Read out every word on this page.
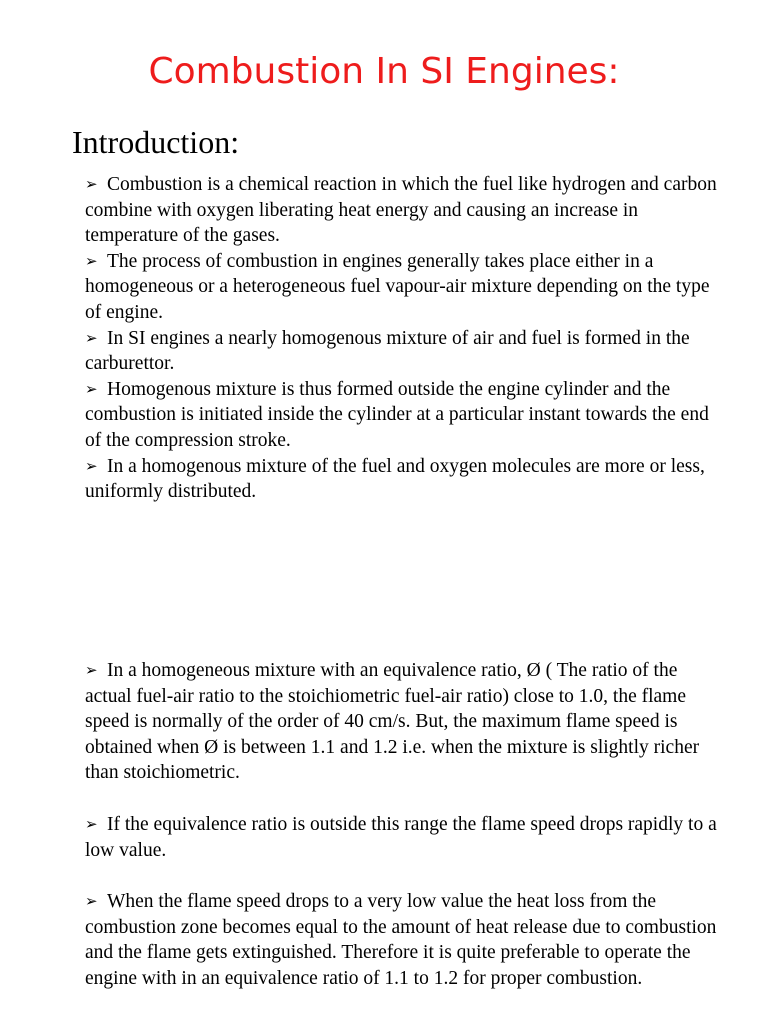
Combustion In SI Engines:
Introduction:

➢ Combustion is a chemical reaction in which the fuel like hydrogen and carbon combine with oxygen liberating heat energy and causing an increase in temperature of the gases.

➢ The process of combustion in engines generally takes place either in a homogeneous or a heterogeneous fuel vapour-air mixture depending on the type of engine.

➢ In SI engines a nearly homogenous mixture of air and fuel is formed in the carburettor.

➢ Homogenous mixture is thus formed outside the engine cylinder and the combustion is initiated inside the cylinder at a particular instant towards the end of the compression stroke.

➢ In a homogenous mixture of the fuel and oxygen molecules are more or less, uniformly distributed.

➢ In a homogeneous mixture with an equivalence ratio, Ø ( The ratio of the actual fuel-air ratio to the stoichiometric fuel-air ratio) close to 1.0, the flame speed is normally of the order of 40 cm/s. But, the maximum flame speed is obtained when Ø is between 1.1 and 1.2 i.e. when the mixture is slightly richer than stoichiometric.

➢ If the equivalence ratio is outside this range the flame speed drops rapidly to a low value.

➢ When the flame speed drops to a very low value the heat loss from the combustion zone becomes equal to the amount of heat release due to combustion and the flame gets extinguished. Therefore it is quite preferable to operate the engine with in an equivalence ratio of 1.1 to 1.2 for proper combustion.
